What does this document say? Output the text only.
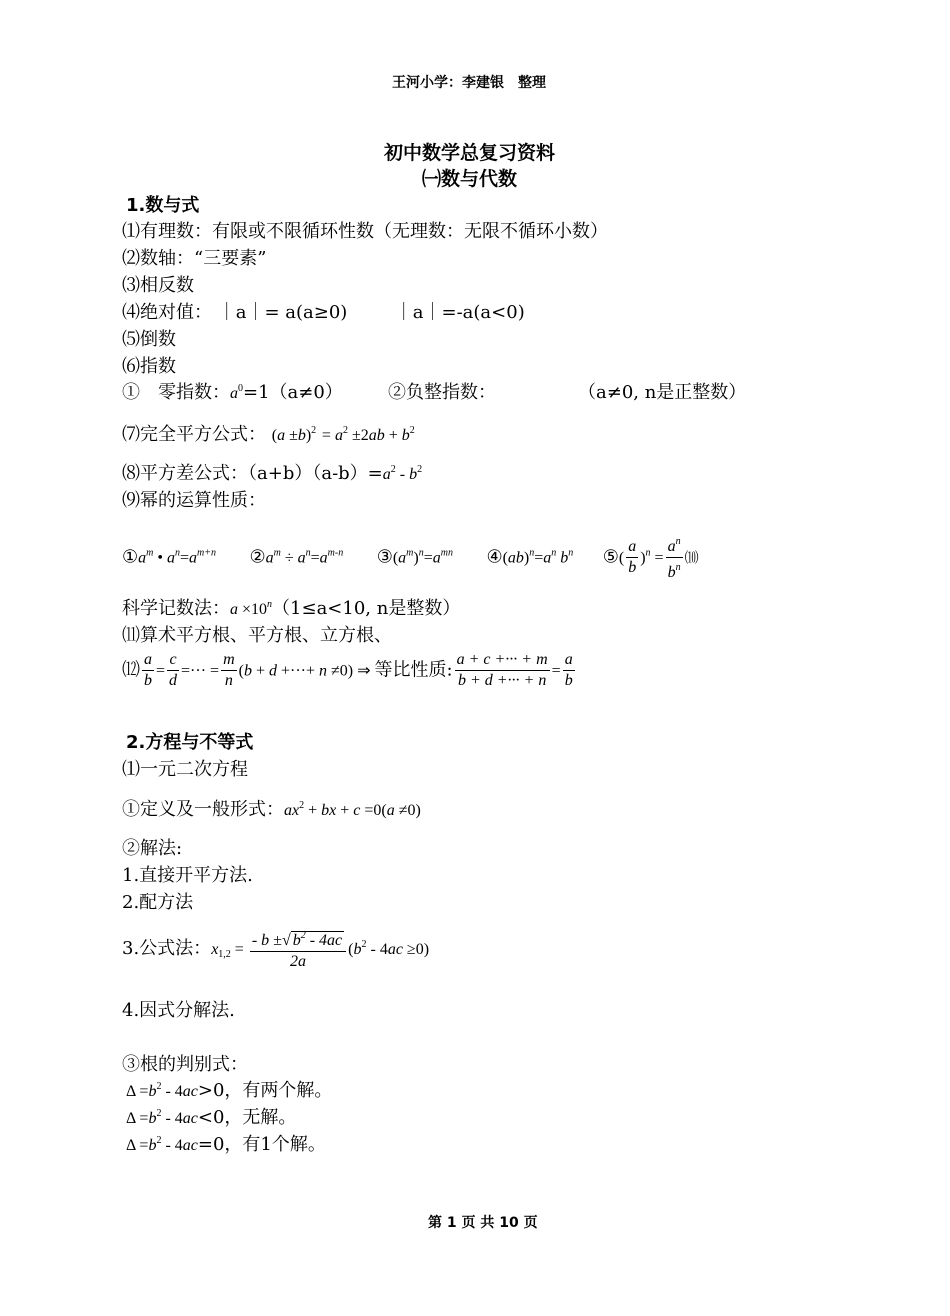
王河小学：李建银　整理
初中数学总复习资料
㈠数与代数
1.数与式
⑴有理数：有限或不限循环性数（无理数：无限不循环小数）
⑵数轴：“三要素”
⑶相反数
⑷绝对值： ｜a｜= a(a≥0)	｜a｜=-a(a<0)
⑸倒数
⑹指数
①　零指数：$a^0=1(a\ne 0)$	②负整指数：	（a≠0, n是正整数）
⑺完全平方公式： $(a \pm b)^2 = a^2 \pm 2ab + b^2$
⑻平方差公式：$(a+b)(a-b)=a^2 - b^2$
⑼幂的运算性质：
$①a^m$ • $a^n=a^{m+n}$ $②a^m \div a^n=a^{m-n}$ $③(a^m)^n=a^{mn}$ $④(ab)^n=a^n$ $b^n$ ⑤( $\frac{a}{b} )^n = \frac{a^n}{b^n}$ ⑽
科学记数法：$a \times 10^n(1\le a<10$, n是整数）
⑾算术平方根、平方根、立方根、
⑿ $\frac{a}{b} = \frac{c}{d}$ =··· = $\frac{m}{n} (b + d$ +···+ n ≠0) ⇒ 等比性质: $\frac{a + c +\cdot\cdot\cdot + m}{b + d +\cdot\cdot\cdot + n} = \frac{a}{b}$
2.方程与不等式
⑴一元二次方程
①定义及一般形式：$ax^2$ + bx + c =0(a ≠0)
②解法:
1.直接开平方法.
2.配方法
3.公式法：$x_{1,2} = \frac{- b \pm√ b^2 - 4ac}{2a} (b^2 - 4ac \ge 0)$
4.因式分解法.
③根的判别式：
$\Delta =b^2 - 4ac>0$，有两个解。
$\Delta =b^2 - 4ac<0$，无解。
$\Delta =b^2 - 4ac=0$，有1个解。
第 1 页 共 10 页
